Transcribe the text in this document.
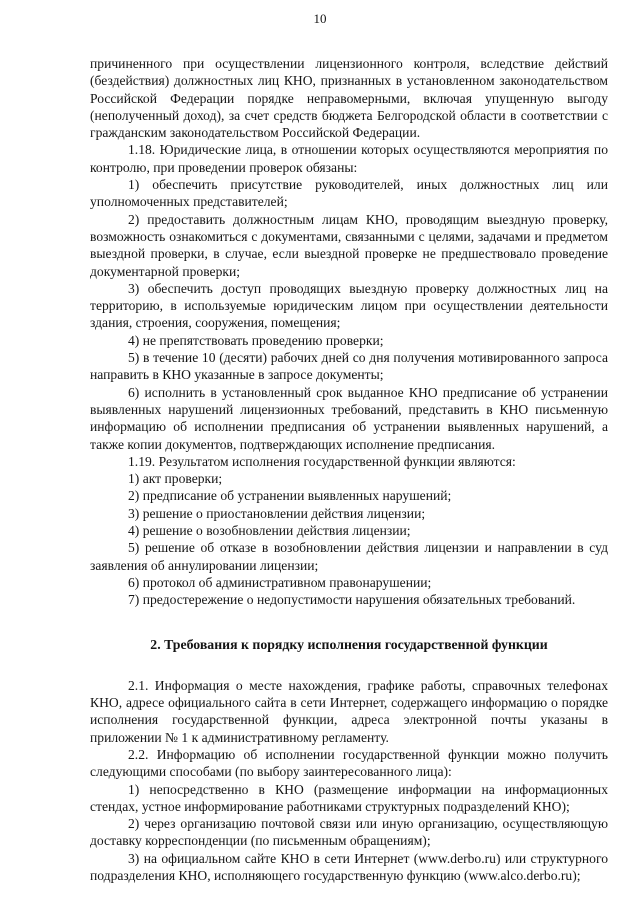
10

причиненного при осуществлении лицензионного контроля, вследствие действий (бездействия) должностных лиц КНО, признанных в установленном законодательством Российской Федерации порядке неправомерными, включая упущенную выгоду (неполученный доход), за счет средств бюджета Белгородской области в соответствии с гражданским законодательством Российской Федерации.

1.18. Юридические лица, в отношении которых осуществляются мероприятия по контролю, при проведении проверок обязаны:

1) обеспечить присутствие руководителей, иных должностных лиц или уполномоченных представителей;

2) предоставить должностным лицам КНО, проводящим выездную проверку, возможность ознакомиться с документами, связанными с целями, задачами и предметом выездной проверки, в случае, если выездной проверке не предшествовало проведение документарной проверки;

3) обеспечить доступ проводящих выездную проверку должностных лиц на территорию, в используемые юридическим лицом при осуществлении деятельности здания, строения, сооружения, помещения;

4) не препятствовать проведению проверки;

5) в течение 10 (десяти) рабочих дней со дня получения мотивированного запроса направить в КНО указанные в запросе документы;

6) исполнить в установленный срок выданное КНО предписание об устранении выявленных нарушений лицензионных требований, представить в КНО письменную информацию об исполнении предписания об устранении выявленных нарушений, а также копии документов, подтверждающих исполнение предписания.

1.19. Результатом исполнения государственной функции являются:

1) акт проверки;

2) предписание об устранении выявленных нарушений;

3) решение о приостановлении действия лицензии;

4) решение о возобновлении действия лицензии;

5) решение об отказе в возобновлении действия лицензии и направлении в суд заявления об аннулировании лицензии;

6) протокол об административном правонарушении;

7) предостережение о недопустимости нарушения обязательных требований.

2. Требования к порядку исполнения государственной функции

2.1. Информация о месте нахождения, графике работы, справочных телефонах КНО, адресе официального сайта в сети Интернет, содержащего информацию о порядке исполнения государственной функции, адреса электронной почты указаны в приложении № 1 к административному регламенту.

2.2. Информацию об исполнении государственной функции можно получить следующими способами (по выбору заинтересованного лица):

1) непосредственно в КНО (размещение информации на информационных стендах, устное информирование работниками структурных подразделений КНО);

2) через организацию почтовой связи или иную организацию, осуществляющую доставку корреспонденции (по письменным обращениям);

3) на официальном сайте КНО в сети Интернет (www.derbo.ru) или структурного подразделения КНО, исполняющего государственную функцию (www.alco.derbo.ru);
